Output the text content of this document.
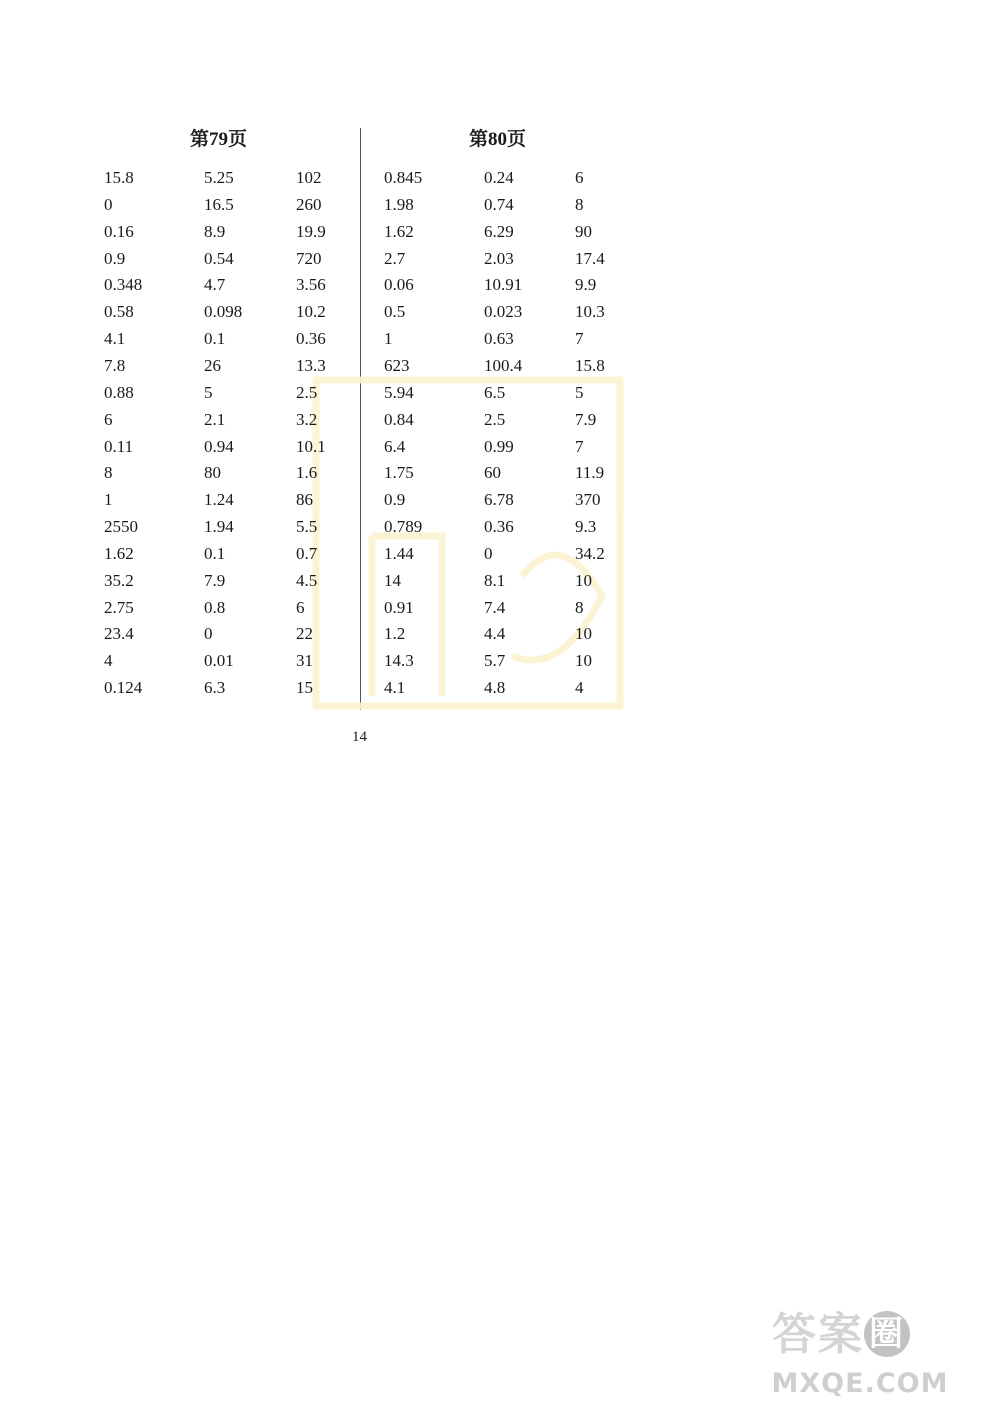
第79页	第80页
15.8	5.25	102	0.845	0.24	6
0	16.5	260	1.98	0.74	8
0.16	8.9	19.9	1.62	6.29	90
0.9	0.54	720	2.7	2.03	17.4
0.348	4.7	3.56	0.06	10.91	9.9
0.58	0.098	10.2	0.5	0.023	10.3
4.1	0.1	0.36	1	0.63	7
7.8	26	13.3	623	100.4	15.8
0.88	5	2.5	5.94	6.5	5
6	2.1	3.2	0.84	2.5	7.9
0.11	0.94	10.1	6.4	0.99	7
8	80	1.6	1.75	60	11.9
1	1.24	86	0.9	6.78	370
2550	1.94	5.5	0.789	0.36	9.3
1.62	0.1	0.7	1.44	0	34.2
35.2	7.9	4.5	14	8.1	10
2.75	0.8	6	0.91	7.4	8
23.4	0	22	1.2	4.4	10
4	0.01	31	14.3	5.7	10
0.124	6.3	15	4.1	4.8	4
14
答案 圈
MXQE.COM
